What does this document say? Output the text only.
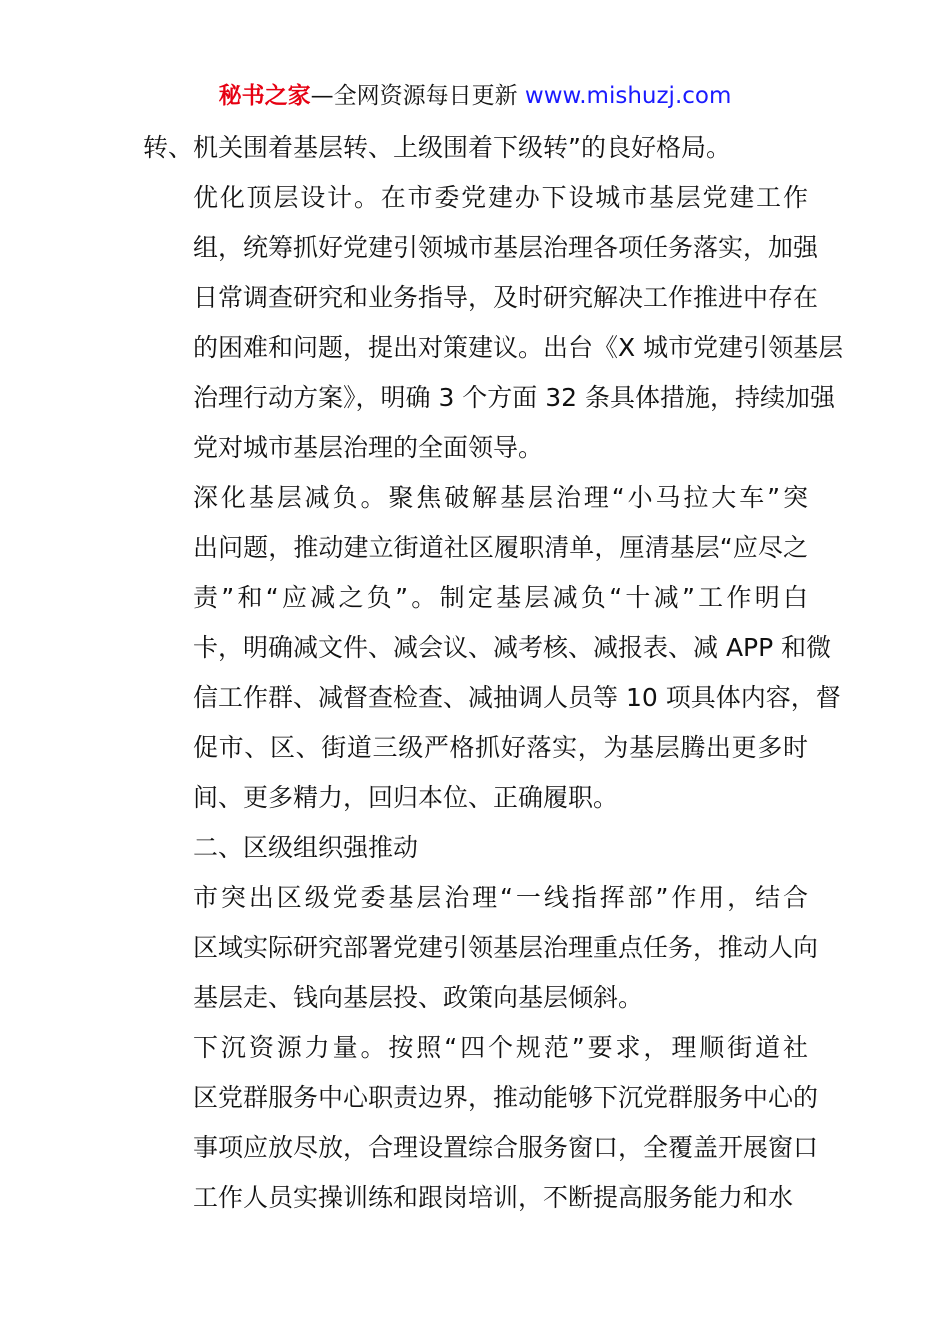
秘书之家—全网资源每日更新 www.mishuzj.com

转、机关围着基层转、上级围着下级转”的良好格局。

优化顶层设计。在市委党建办下设城市基层党建工作
组，统筹抓好党建引领城市基层治理各项任务落实，加强
日常调查研究和业务指导，及时研究解决工作推进中存在
的困难和问题，提出对策建议。出台《X 城市党建引领基层
治理行动方案》，明确 3 个方面 32 条具体措施，持续加强
党对城市基层治理的全面领导。

深化基层减负。聚焦破解基层治理“小马拉大车”突
出问题，推动建立街道社区履职清单，厘清基层“应尽之
责”和“应减之负”。制定基层减负“十减”工作明白
卡，明确减文件、减会议、减考核、减报表、减 APP 和微
信工作群、减督查检查、减抽调人员等 10 项具体内容，督
促市、区、街道三级严格抓好落实，为基层腾出更多时
间、更多精力，回归本位、正确履职。

二、区级组织强推动

市突出区级党委基层治理“一线指挥部”作用，结合
区域实际研究部署党建引领基层治理重点任务，推动人向
基层走、钱向基层投、政策向基层倾斜。

下沉资源力量。按照“四个规范”要求，理顺街道社
区党群服务中心职责边界，推动能够下沉党群服务中心的
事项应放尽放，合理设置综合服务窗口，全覆盖开展窗口
工作人员实操训练和跟岗培训，不断提高服务能力和水
